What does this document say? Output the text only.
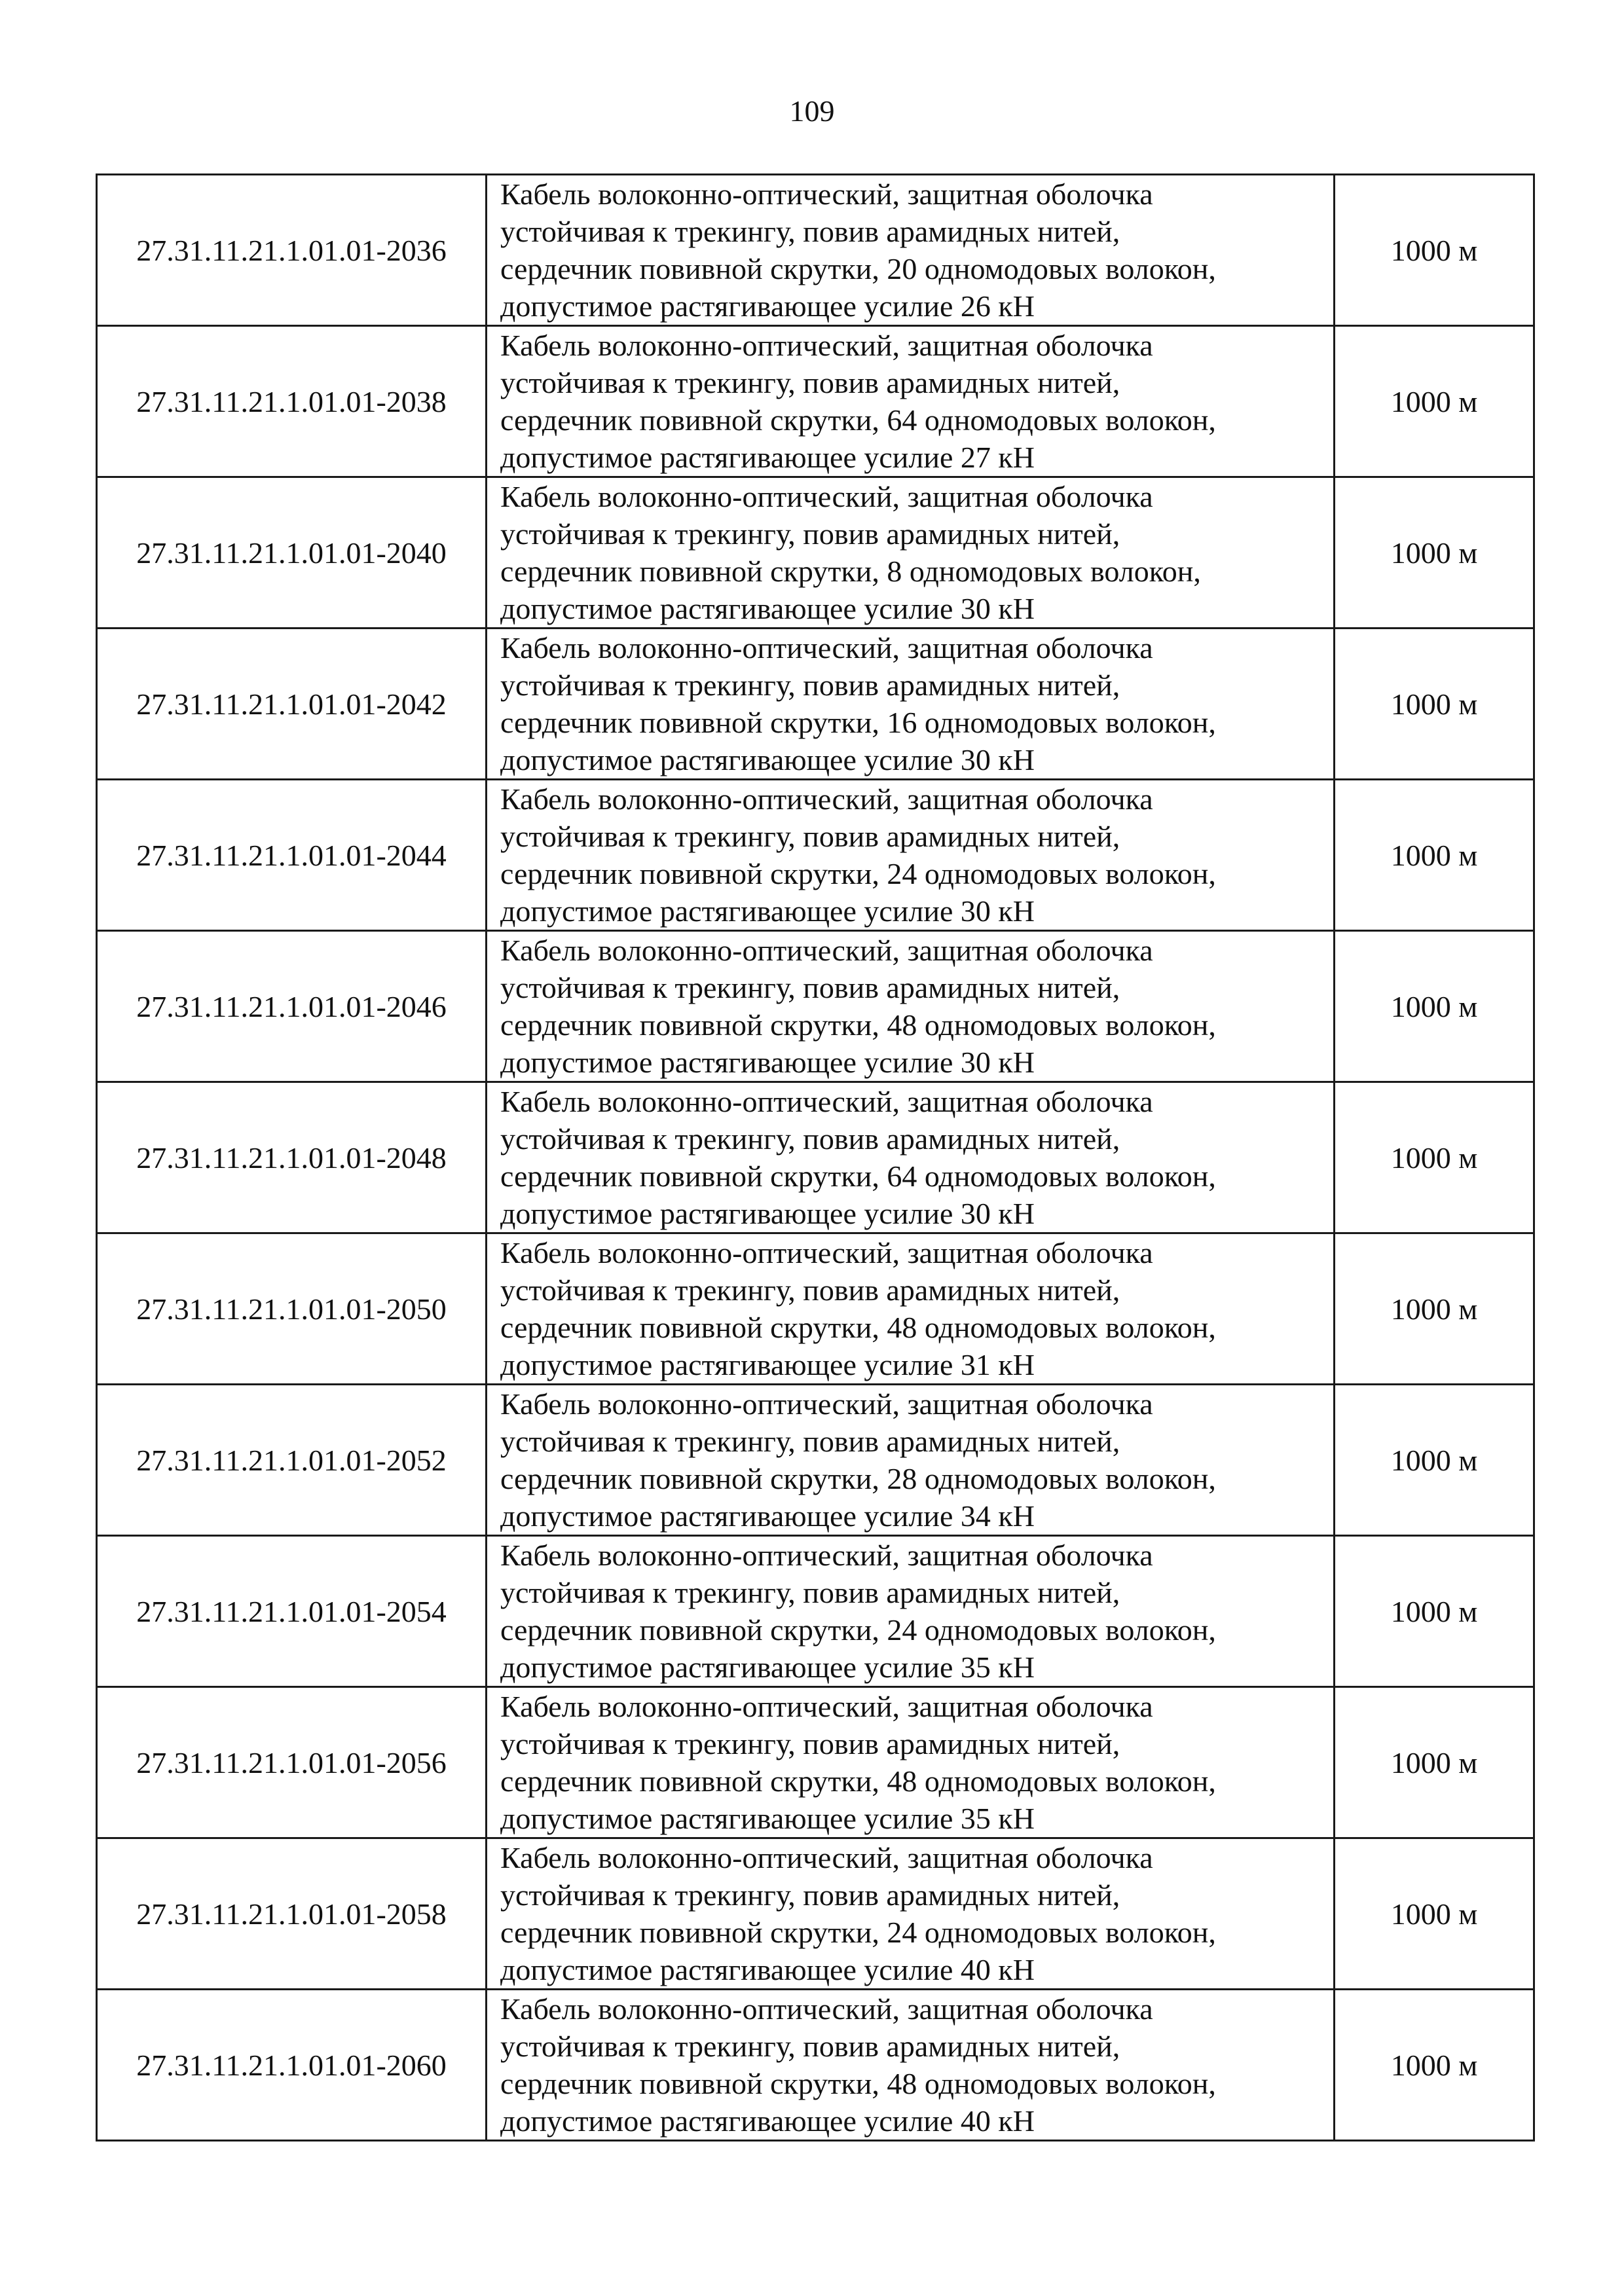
109
27.31.11.21.1.01.01-2036	Кабель волоконно-оптический, защитная оболочка
устойчивая к трекингу, повив арамидных нитей,
сердечник повивной скрутки, 20 одномодовых волокон,
допустимое растягивающее усилие 26 кН	1000 м
27.31.11.21.1.01.01-2038	Кабель волоконно-оптический, защитная оболочка
устойчивая к трекингу, повив арамидных нитей,
сердечник повивной скрутки, 64 одномодовых волокон,
допустимое растягивающее усилие 27 кН	1000 м
27.31.11.21.1.01.01-2040	Кабель волоконно-оптический, защитная оболочка
устойчивая к трекингу, повив арамидных нитей,
сердечник повивной скрутки, 8 одномодовых волокон,
допустимое растягивающее усилие 30 кН	1000 м
27.31.11.21.1.01.01-2042	Кабель волоконно-оптический, защитная оболочка
устойчивая к трекингу, повив арамидных нитей,
сердечник повивной скрутки, 16 одномодовых волокон,
допустимое растягивающее усилие 30 кН	1000 м
27.31.11.21.1.01.01-2044	Кабель волоконно-оптический, защитная оболочка
устойчивая к трекингу, повив арамидных нитей,
сердечник повивной скрутки, 24 одномодовых волокон,
допустимое растягивающее усилие 30 кН	1000 м
27.31.11.21.1.01.01-2046	Кабель волоконно-оптический, защитная оболочка
устойчивая к трекингу, повив арамидных нитей,
сердечник повивной скрутки, 48 одномодовых волокон,
допустимое растягивающее усилие 30 кН	1000 м
27.31.11.21.1.01.01-2048	Кабель волоконно-оптический, защитная оболочка
устойчивая к трекингу, повив арамидных нитей,
сердечник повивной скрутки, 64 одномодовых волокон,
допустимое растягивающее усилие 30 кН	1000 м
27.31.11.21.1.01.01-2050	Кабель волоконно-оптический, защитная оболочка
устойчивая к трекингу, повив арамидных нитей,
сердечник повивной скрутки, 48 одномодовых волокон,
допустимое растягивающее усилие 31 кН	1000 м
27.31.11.21.1.01.01-2052	Кабель волоконно-оптический, защитная оболочка
устойчивая к трекингу, повив арамидных нитей,
сердечник повивной скрутки, 28 одномодовых волокон,
допустимое растягивающее усилие 34 кН	1000 м
27.31.11.21.1.01.01-2054	Кабель волоконно-оптический, защитная оболочка
устойчивая к трекингу, повив арамидных нитей,
сердечник повивной скрутки, 24 одномодовых волокон,
допустимое растягивающее усилие 35 кН	1000 м
27.31.11.21.1.01.01-2056	Кабель волоконно-оптический, защитная оболочка
устойчивая к трекингу, повив арамидных нитей,
сердечник повивной скрутки, 48 одномодовых волокон,
допустимое растягивающее усилие 35 кН	1000 м
27.31.11.21.1.01.01-2058	Кабель волоконно-оптический, защитная оболочка
устойчивая к трекингу, повив арамидных нитей,
сердечник повивной скрутки, 24 одномодовых волокон,
допустимое растягивающее усилие 40 кН	1000 м
27.31.11.21.1.01.01-2060	Кабель волоконно-оптический, защитная оболочка
устойчивая к трекингу, повив арамидных нитей,
сердечник повивной скрутки, 48 одномодовых волокон,
допустимое растягивающее усилие 40 кН	1000 м
